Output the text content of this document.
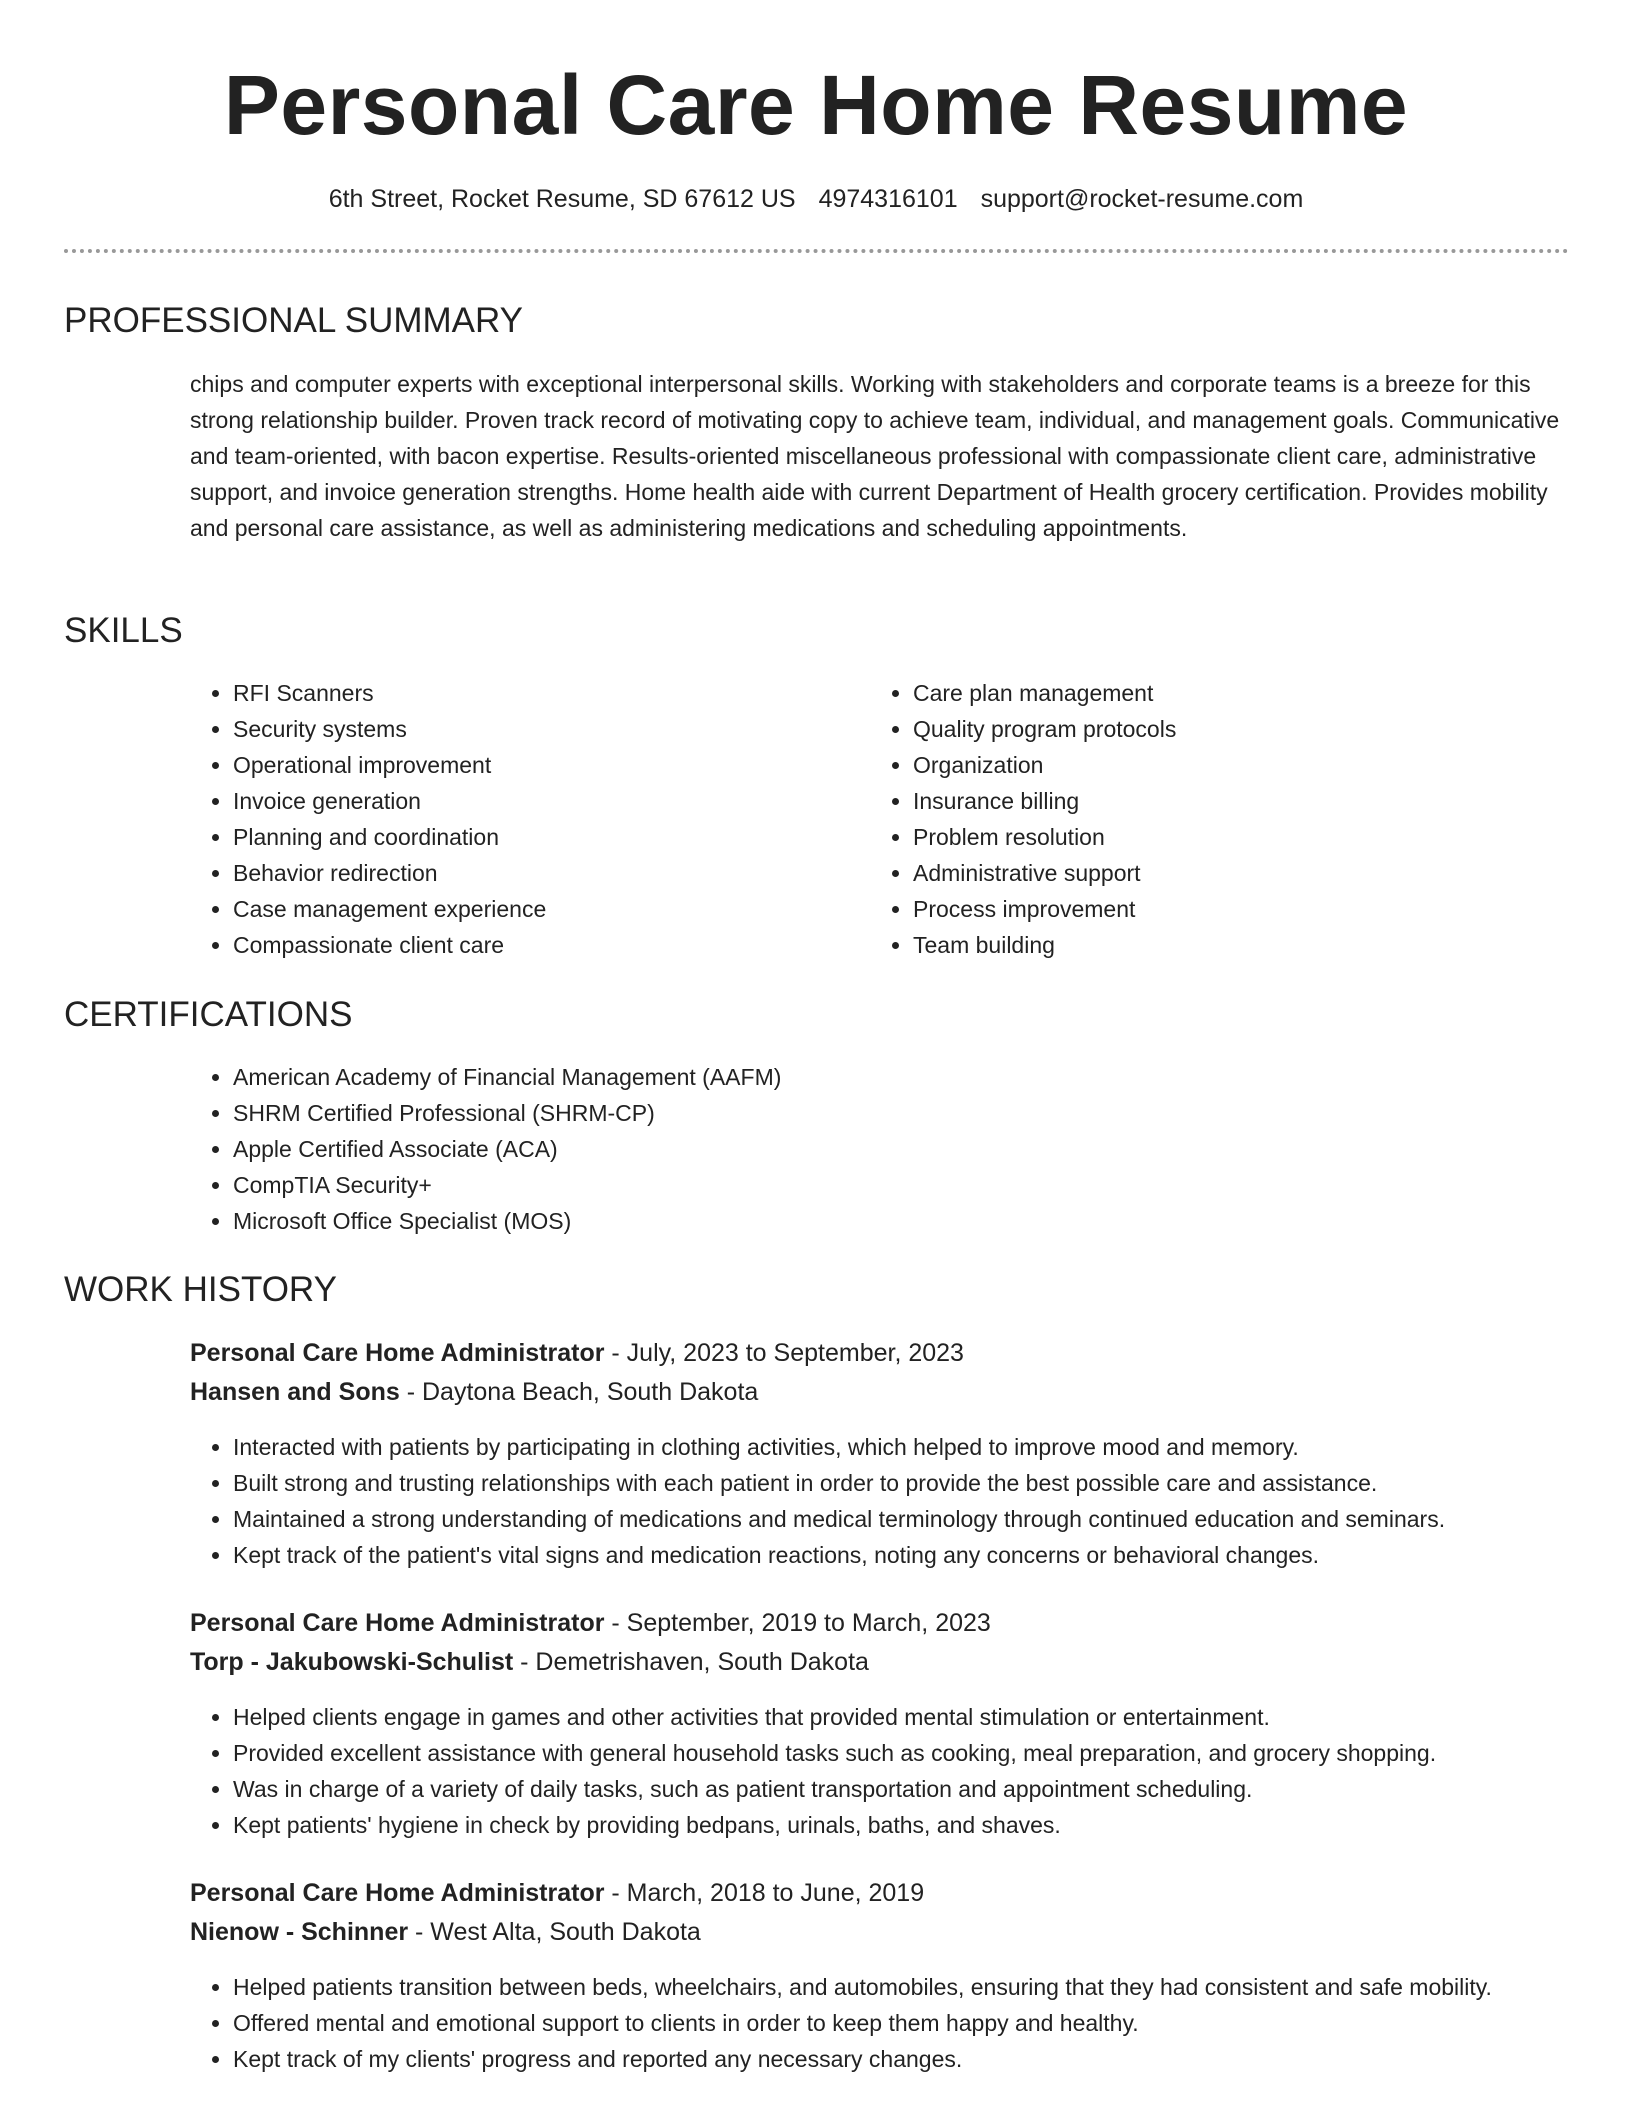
Personal Care Home Resume
6th Street, Rocket Resume, SD 67612 US 4974316101 support@rocket-resume.com
PROFESSIONAL SUMMARY

chips and computer experts with exceptional interpersonal skills. Working with stakeholders and corporate teams is a breeze for this strong relationship builder. Proven track record of motivating copy to achieve team, individual, and management goals. Communicative and team-oriented, with bacon expertise. Results-oriented miscellaneous professional with compassionate client care, administrative support, and invoice generation strengths. Home health aide with current Department of Health grocery certification. Provides mobility and personal care assistance, as well as administering medications and scheduling appointments.

SKILLS
• RFI Scanners
• Security systems
• Operational improvement
• Invoice generation
• Planning and coordination
• Behavior redirection
• Case management experience
• Compassionate client care
• Care plan management
• Quality program protocols
• Organization
• Insurance billing
• Problem resolution
• Administrative support
• Process improvement
• Team building
CERTIFICATIONS
• American Academy of Financial Management (AAFM)
• SHRM Certified Professional (SHRM-CP)
• Apple Certified Associate (ACA)
• CompTIA Security+
• Microsoft Office Specialist (MOS)
WORK HISTORY
Personal Care Home Administrator - July, 2023 to September, 2023
Hansen and Sons - Daytona Beach, South Dakota
• Interacted with patients by participating in clothing activities, which helped to improve mood and memory.
• Built strong and trusting relationships with each patient in order to provide the best possible care and assistance.
• Maintained a strong understanding of medications and medical terminology through continued education and seminars.
• Kept track of the patient's vital signs and medication reactions, noting any concerns or behavioral changes.
Personal Care Home Administrator - September, 2019 to March, 2023
Torp - Jakubowski-Schulist - Demetrishaven, South Dakota
• Helped clients engage in games and other activities that provided mental stimulation or entertainment.
• Provided excellent assistance with general household tasks such as cooking, meal preparation, and grocery shopping.
• Was in charge of a variety of daily tasks, such as patient transportation and appointment scheduling.
• Kept patients' hygiene in check by providing bedpans, urinals, baths, and shaves.
Personal Care Home Administrator - March, 2018 to June, 2019
Nienow - Schinner - West Alta, South Dakota
• Helped patients transition between beds, wheelchairs, and automobiles, ensuring that they had consistent and safe mobility.
• Offered mental and emotional support to clients in order to keep them happy and healthy.
• Kept track of my clients' progress and reported any necessary changes.
